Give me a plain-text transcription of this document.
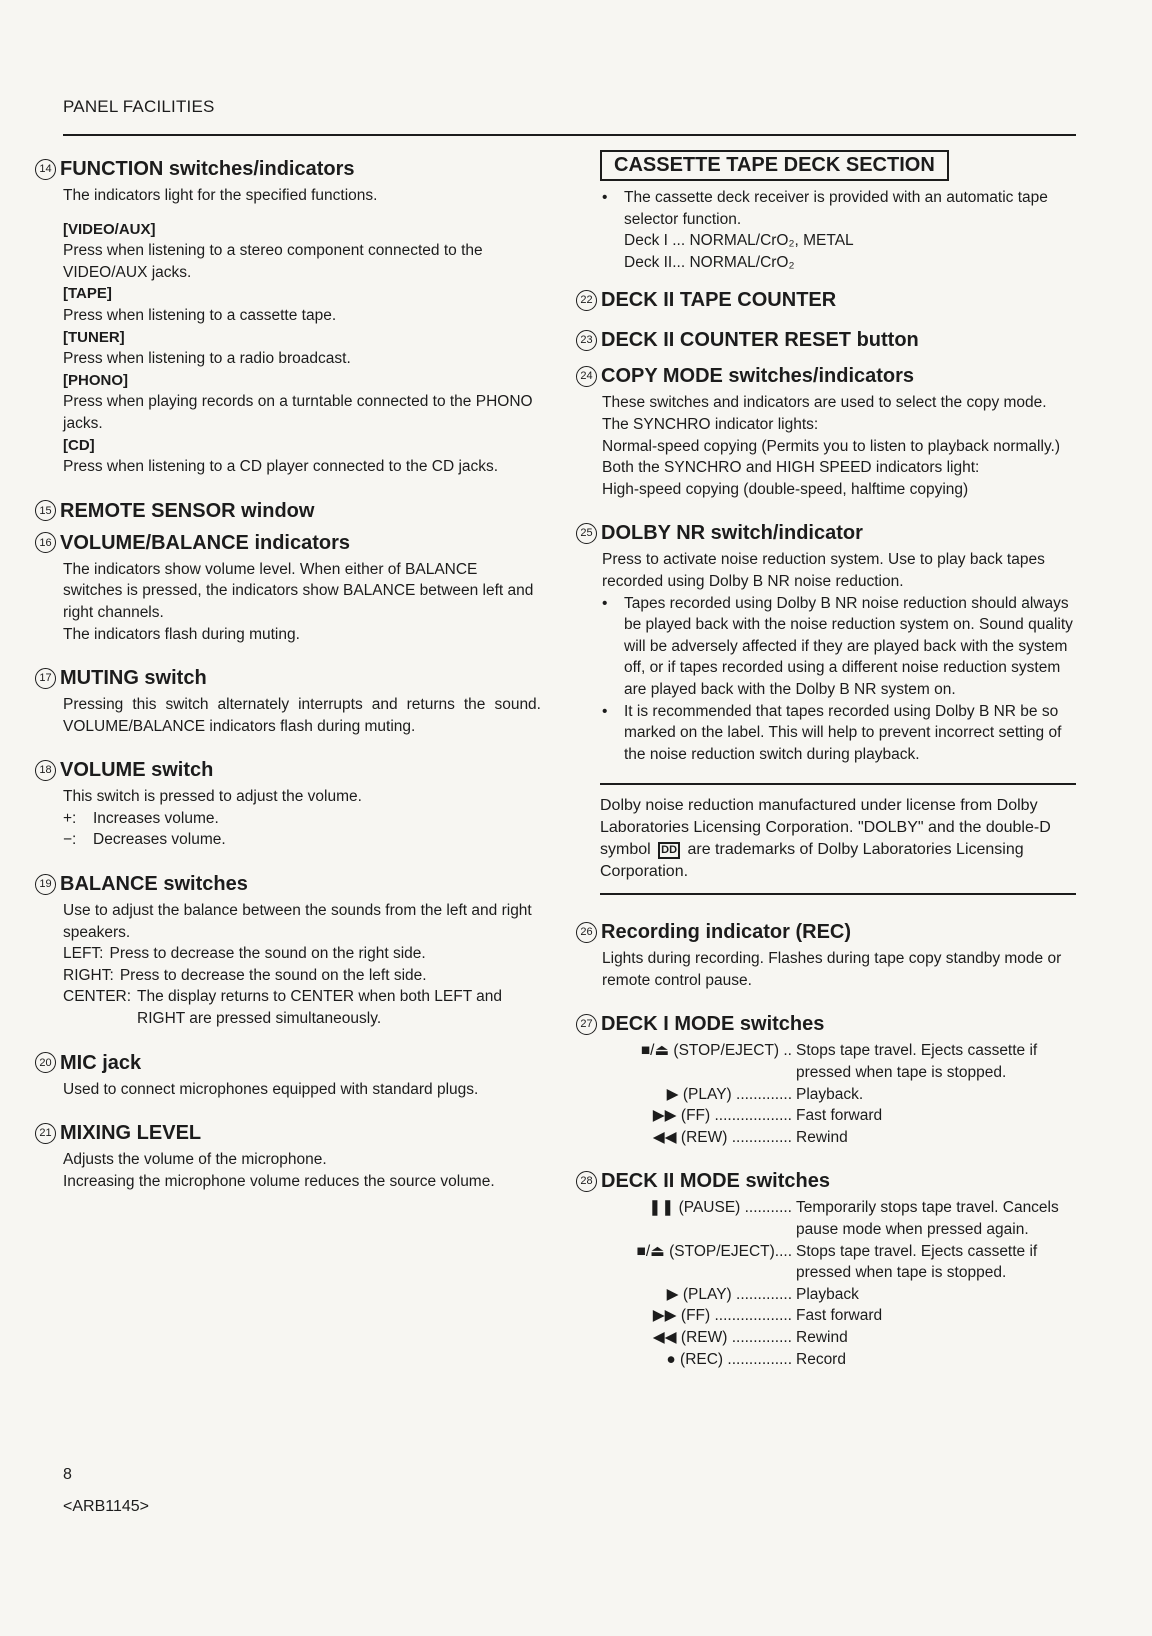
PANEL FACILITIES
14 FUNCTION switches/indicators

The indicators light for the specified functions.

[VIDEO/AUX]

Press when listening to a stereo component connected to the VIDEO/AUX jacks.

[TAPE]

Press when listening to a cassette tape.

[TUNER]

Press when listening to a radio broadcast.

[PHONO]

Press when playing records on a turntable connected to the PHONO jacks.

[CD]

Press when listening to a CD player connected to the CD jacks.

15 REMOTE SENSOR window
16 VOLUME/BALANCE indicators

The indicators show volume level. When either of BALANCE switches is pressed, the indicators show BALANCE between left and right channels.

The indicators flash during muting.

17 MUTING switch

Pressing this switch alternately interrupts and returns the sound. VOLUME/BALANCE indicators flash during muting.

18 VOLUME switch

This switch is pressed to adjust the volume.

+:	Increases volume.
−:	Decreases volume.
19 BALANCE switches

Use to adjust the balance between the sounds from the left and right speakers.

LEFT: Press to decrease the sound on the right side.
RIGHT: Press to decrease the sound on the left side.
CENTER: The display returns to CENTER when both LEFT and RIGHT are pressed simultaneously.
20 MIC jack

Used to connect microphones equipped with standard plugs.

21 MIXING LEVEL

Adjusts the volume of the microphone.

Increasing the microphone volume reduces the source volume.

CASSETTE TAPE DECK SECTION
• The cassette deck receiver is provided with an automatic tape selector function.

Deck I ... NORMAL/CrO₂, METAL

Deck II... NORMAL/CrO₂

22 DECK II TAPE COUNTER
23 DECK II COUNTER RESET button
24 COPY MODE switches/indicators

These switches and indicators are used to select the copy mode.

The SYNCHRO indicator lights:

Normal-speed copying (Permits you to listen to playback normally.)

Both the SYNCHRO and HIGH SPEED indicators light:

High-speed copying (double-speed, halftime copying)

25 DOLBY NR switch/indicator

Press to activate noise reduction system. Use to play back tapes recorded using Dolby B NR noise reduction.

• Tapes recorded using Dolby B NR noise reduction should always be played back with the noise reduction system on. Sound quality will be adversely affected if they are played back with the system off, or if tapes recorded using a different noise reduction system are played back with the Dolby B NR system on.
• It is recommended that tapes recorded using Dolby B NR be so marked on the label. This will help to prevent incorrect setting of the noise reduction switch during playback.
Dolby noise reduction manufactured under license from Dolby Laboratories Licensing Corporation. "DOLBY" and the double-D symbol DD are trademarks of Dolby Laboratories Licensing Corporation.
26 Recording indicator (REC)

Lights during recording. Flashes during tape copy standby mode or remote control pause.

27 DECK I MODE switches
■/⏏ (STOP/EJECT) .. Stops tape travel. Ejects cassette if pressed when tape is stopped.
▶ (PLAY) ............. Playback.
▶▶ (FF) .................. Fast forward
◀◀ (REW) .............. Rewind
28 DECK II MODE switches
❚❚ (PAUSE) ........... Temporarily stops tape travel. Cancels pause mode when pressed again.
■/⏏ (STOP/EJECT).... Stops tape travel. Ejects cassette if pressed when tape is stopped.
▶ (PLAY) ............. Playback
▶▶ (FF) .................. Fast forward
◀◀ (REW) .............. Rewind
● (REC) ............... Record
8
<ARB1145>
